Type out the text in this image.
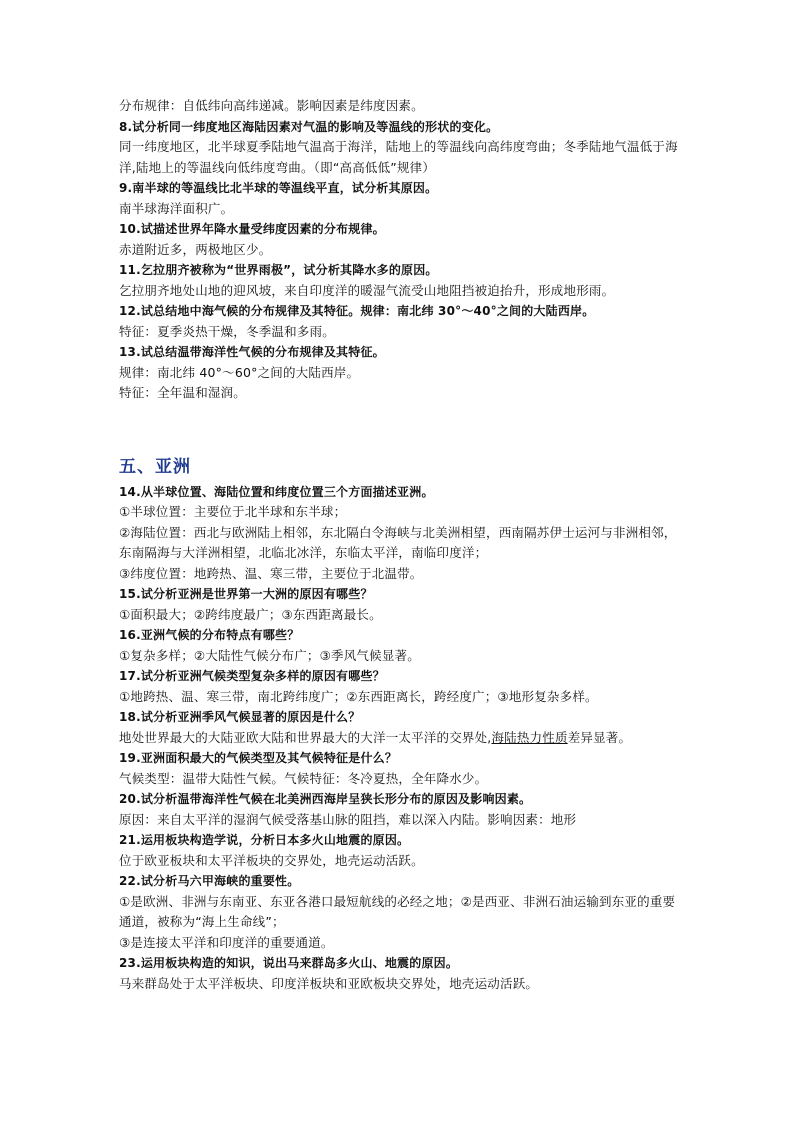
分布规律：自低纬向高纬递减。影响因素是纬度因素。
8.试分析同一纬度地区海陆因素对气温的影响及等温线的形状的变化。
同一纬度地区，北半球夏季陆地气温高于海洋，陆地上的等温线向高纬度弯曲；冬季陆地气温低于海洋,陆地上的等温线向低纬度弯曲。（即“高高低低”规律）
9.南半球的等温线比北半球的等温线平直，试分析其原因。
南半球海洋面积广。
10.试描述世界年降水量受纬度因素的分布规律。
赤道附近多，两极地区少。
11.乞拉朋齐被称为“世界雨极”，试分析其降水多的原因。
乞拉朋齐地处山地的迎风坡，来自印度洋的暖湿气流受山地阻挡被迫抬升，形成地形雨。
12.试总结地中海气候的分布规律及其特征。规律：南北纬 30°～40°之间的大陆西岸。
特征：夏季炎热干燥，冬季温和多雨。
13.试总结温带海洋性气候的分布规律及其特征。
规律：南北纬 40°～60°之间的大陆西岸。
特征：全年温和湿润。
五、亚洲
14.从半球位置、海陆位置和纬度位置三个方面描述亚洲。
①半球位置：主要位于北半球和东半球；
②海陆位置：西北与欧洲陆上相邻，东北隔白令海峡与北美洲相望，西南隔苏伊士运河与非洲相邻，东南隔海与大洋洲相望，北临北冰洋，东临太平洋，南临印度洋；
③纬度位置：地跨热、温、寒三带，主要位于北温带。
15.试分析亚洲是世界第一大洲的原因有哪些？
①面积最大；②跨纬度最广；③东西距离最长。
16.亚洲气候的分布特点有哪些？
①复杂多样；②大陆性气候分布广；③季风气候显著。
17.试分析亚洲气候类型复杂多样的原因有哪些？
①地跨热、温、寒三带，南北跨纬度广；②东西距离长，跨经度广；③地形复杂多样。
18.试分析亚洲季风气候显著的原因是什么？
地处世界最大的大陆亚欧大陆和世界最大的大洋一太平洋的交界处,海陆热力性质差异显著。
19.亚洲面积最大的气候类型及其气候特征是什么？
气候类型：温带大陆性气候。气候特征：冬冷夏热，全年降水少。
20.试分析温带海洋性气候在北美洲西海岸呈狭长形分布的原因及影响因素。
原因：来自太平洋的湿润气候受落基山脉的阻挡，难以深入内陆。影响因素：地形
21.运用板块构造学说，分析日本多火山地震的原因。
位于欧亚板块和太平洋板块的交界处，地壳运动活跃。
22.试分析马六甲海峡的重要性。
①是欧洲、非洲与东南亚、东亚各港口最短航线的必经之地；②是西亚、非洲石油运输到东亚的重要通道，被称为“海上生命线”；
③是连接太平洋和印度洋的重要通道。
23.运用板块构造的知识，说出马来群岛多火山、地震的原因。
马来群岛处于太平洋板块、印度洋板块和亚欧板块交界处，地壳运动活跃。
